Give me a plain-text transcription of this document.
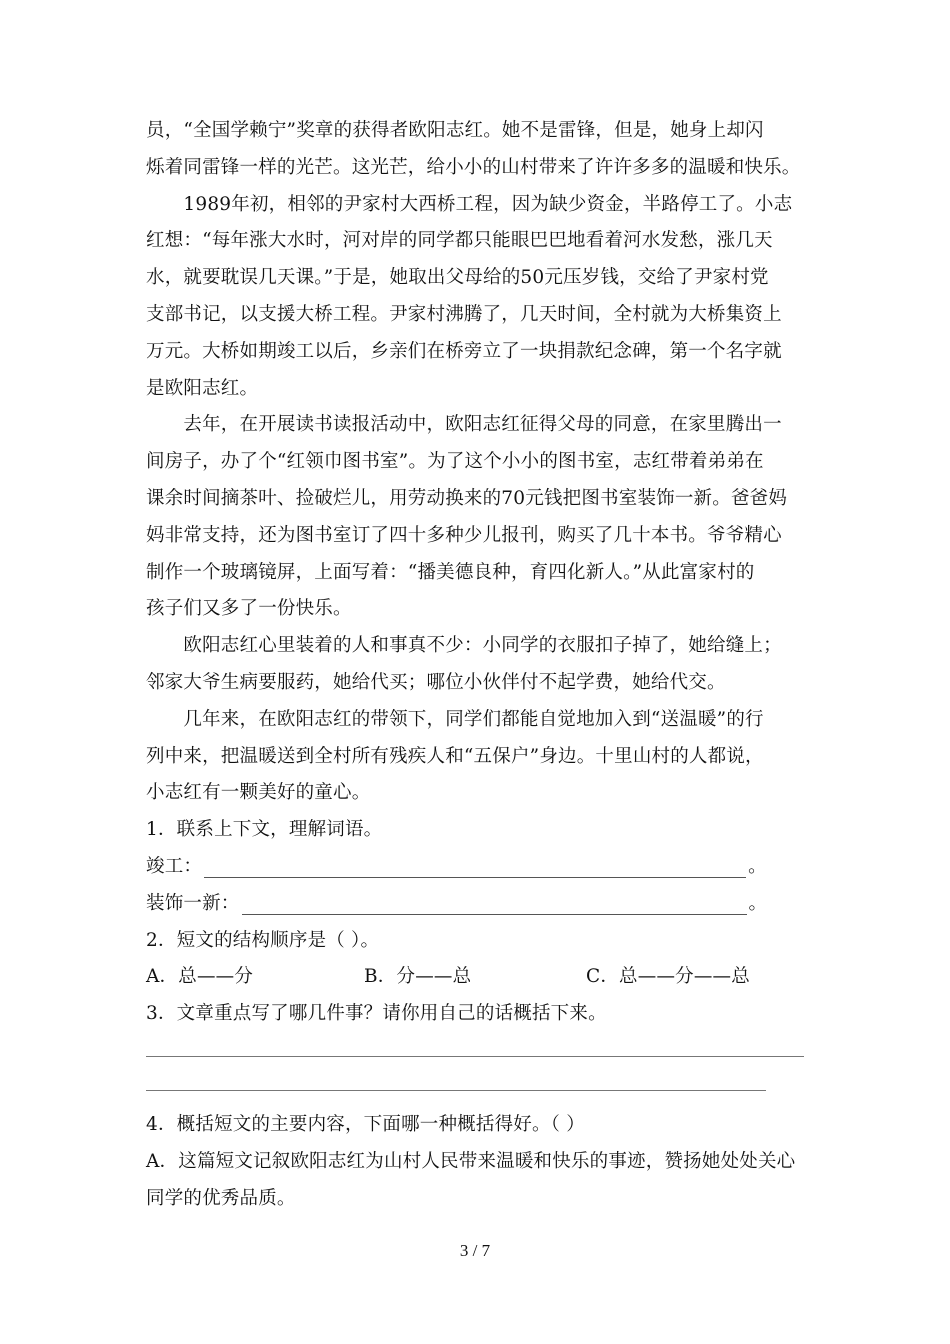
员，“全国学赖宁”奖章的获得者欧阳志红。她不是雷锋，但是，她身上却闪
烁着同雷锋一样的光芒。这光芒，给小小的山村带来了许许多多的温暖和快乐。
　　1989年初，相邻的尹家村大西桥工程，因为缺少资金，半路停工了。小志
红想：“每年涨大水时，河对岸的同学都只能眼巴巴地看着河水发愁，涨几天
水，就要耽误几天课。”于是，她取出父母给的50元压岁钱，交给了尹家村党
支部书记，以支援大桥工程。尹家村沸腾了，几天时间，全村就为大桥集资上
万元。大桥如期竣工以后，乡亲们在桥旁立了一块捐款纪念碑，第一个名字就
是欧阳志红。
　　去年，在开展读书读报活动中，欧阳志红征得父母的同意，在家里腾出一
间房子，办了个“红领巾图书室”。为了这个小小的图书室，志红带着弟弟在
课余时间摘茶叶、捡破烂儿，用劳动换来的70元钱把图书室装饰一新。爸爸妈
妈非常支持，还为图书室订了四十多种少儿报刊，购买了几十本书。爷爷精心
制作一个玻璃镜屏，上面写着：“播美德良种，育四化新人。”从此富家村的
孩子们又多了一份快乐。
　　欧阳志红心里装着的人和事真不少：小同学的衣服扣子掉了，她给缝上；
邻家大爷生病要服药，她给代买；哪位小伙伴付不起学费，她给代交。
　　几年来，在欧阳志红的带领下，同学们都能自觉地加入到“送温暖”的行
列中来，把温暖送到全村所有残疾人和“五保户”身边。十里山村的人都说，
小志红有一颗美好的童心。
1．联系上下文，理解词语。
竣工：	。
装饰一新：	。
2．短文的结构顺序是（ ）。
A．总——分	B．分——总	C．总——分——总
3．文章重点写了哪几件事？请你用自己的话概括下来。
4．概括短文的主要内容，下面哪一种概括得好。（ ）
A．这篇短文记叙欧阳志红为山村人民带来温暖和快乐的事迹，赞扬她处处关心
同学的优秀品质。
3 / 7
